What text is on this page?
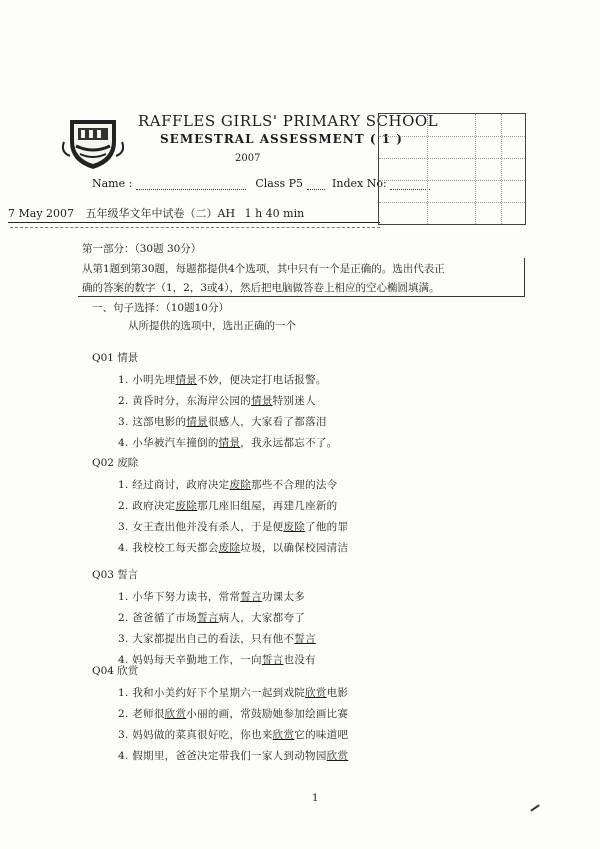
RAFFLES GIRLS' PRIMARY SCHOOL
SEMESTRAL ASSESSMENT ( 1 )
2007
Name :	Class P5	Index No:
7 May 2007 五年级华文年中试卷（二）AH 1 h 40 min
第一部分：（30题 30分）
从第1题到第30题，每题都提供4个选项，其中只有一个是正确的。选出代表正
确的答案的数字（1，2，3或4），然后把电脑做答卷上相应的空心椭圆填满。
一、句子选择：（10题10分）
从所提供的选项中，选出正确的一个
Q01 情景
1. 小明先埋情景不妙，便决定打电话报警。
2. 黄昏时分，东海岸公园的情景特别迷人
3. 这部电影的情景很感人，大家看了都落泪
4. 小华被汽车撞倒的情景，我永远都忘不了。
Q02 废除
1. 经过商讨，政府决定废除那些不合理的法令
2. 政府决定废除那几座旧组屋，再建几座新的
3. 女王查出他并没有杀人，于是便废除了他的罪
4. 我校校工每天都会废除垃圾，以确保校园清洁
Q03 誓言
1. 小华下努力读书，常常誓言功课太多
2. 爸爸循了市场誓言病人，大家都夸了
3. 大家都提出自己的看法，只有他不誓言
4. 妈妈每天辛勤地工作，一向誓言也没有
Q04 欣赏
1. 我和小美约好下个星期六一起到戏院欣赏电影
2. 老师很欣赏小丽的画，常鼓励她参加绘画比赛
3. 妈妈做的菜真很好吃，你也来欣赏它的味道吧
4. 假期里，爸爸决定带我们一家人到动物园欣赏
1
